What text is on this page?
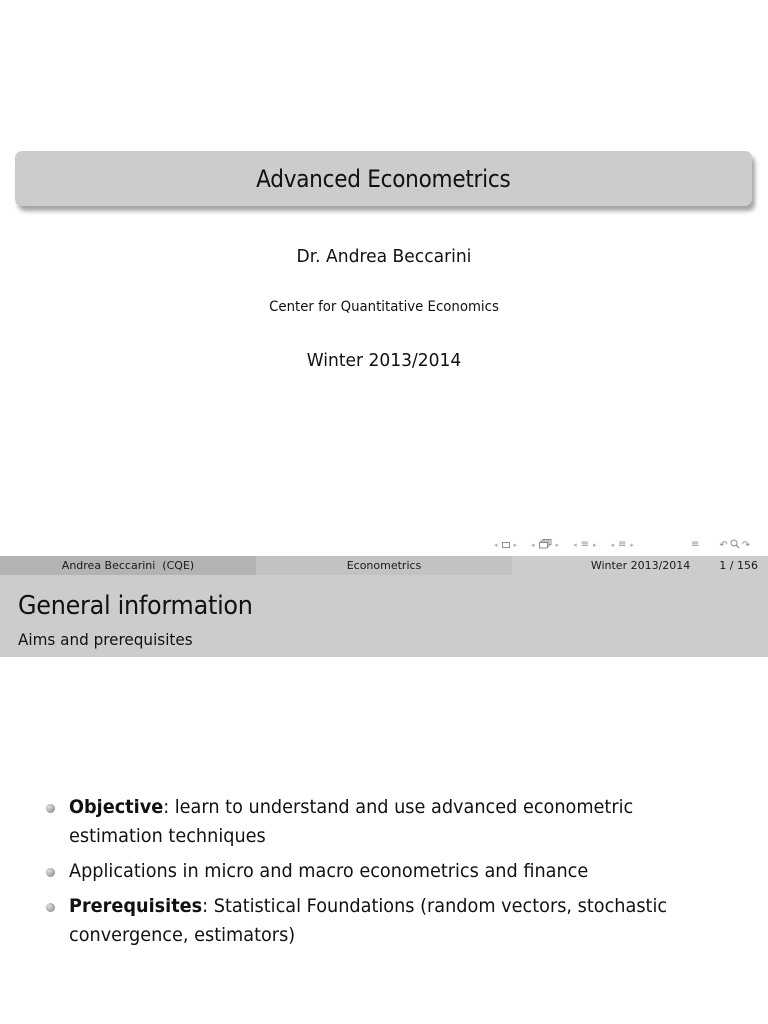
Advanced Econometrics
Dr. Andrea Beccarini
Center for Quantitative Economics
Winter 2013/2014
◂ ▸ ◂	▸ ◂ ≡ ▸ ◂ ≡ ▸	≡ ↶ ↷
Andrea Beccarini  (CQE)	Econometrics	Winter 2013/2014	1 / 156
General information
Aims and prerequisites
Objective: learn to understand and use advanced econometric estimation techniques
Applications in micro and macro econometrics and finance
Prerequisites: Statistical Foundations (random vectors, stochastic convergence, estimators)
